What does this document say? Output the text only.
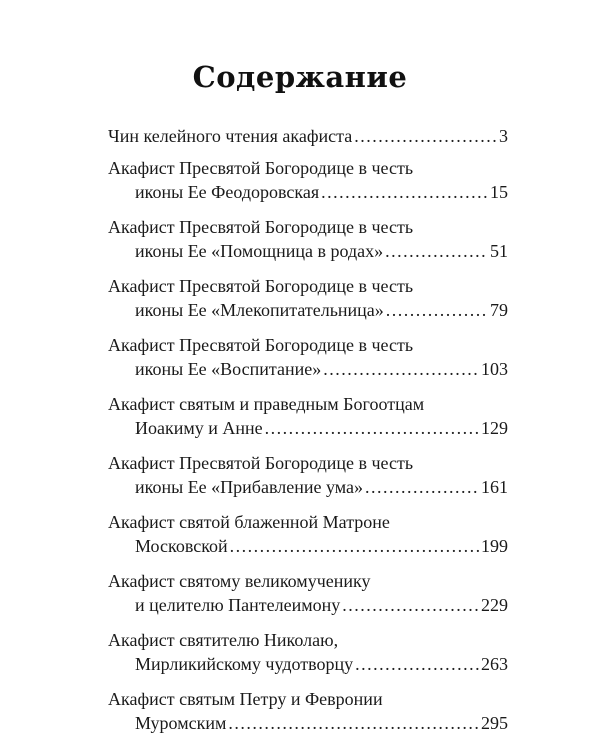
Содержание
Чин келейного чтения акафиста .....	3
Акафист Пресвятой Богородице в честь
иконы Ее Феодоровская .....	15
Акафист Пресвятой Богородице в честь
иконы Ее «Помощница в родах» .....	51
Акафист Пресвятой Богородице в честь
иконы Ее «Млекопитательница» .....	79
Акафист Пресвятой Богородице в честь
иконы Ее «Воспитание» .....	103
Акафист святым и праведным Богоотцам
Иоакиму и Анне .....	129
Акафист Пресвятой Богородице в честь
иконы Ее «Прибавление ума» .....	161
Акафист святой блаженной Матроне
Московской .....	199
Акафист святому великомученику
и целителю Пантелеимону .....	229
Акафист святителю Николаю,
Мирликийскому чудотворцу .....	263
Акафист святым Петру и Февронии
Муромским .....	295
